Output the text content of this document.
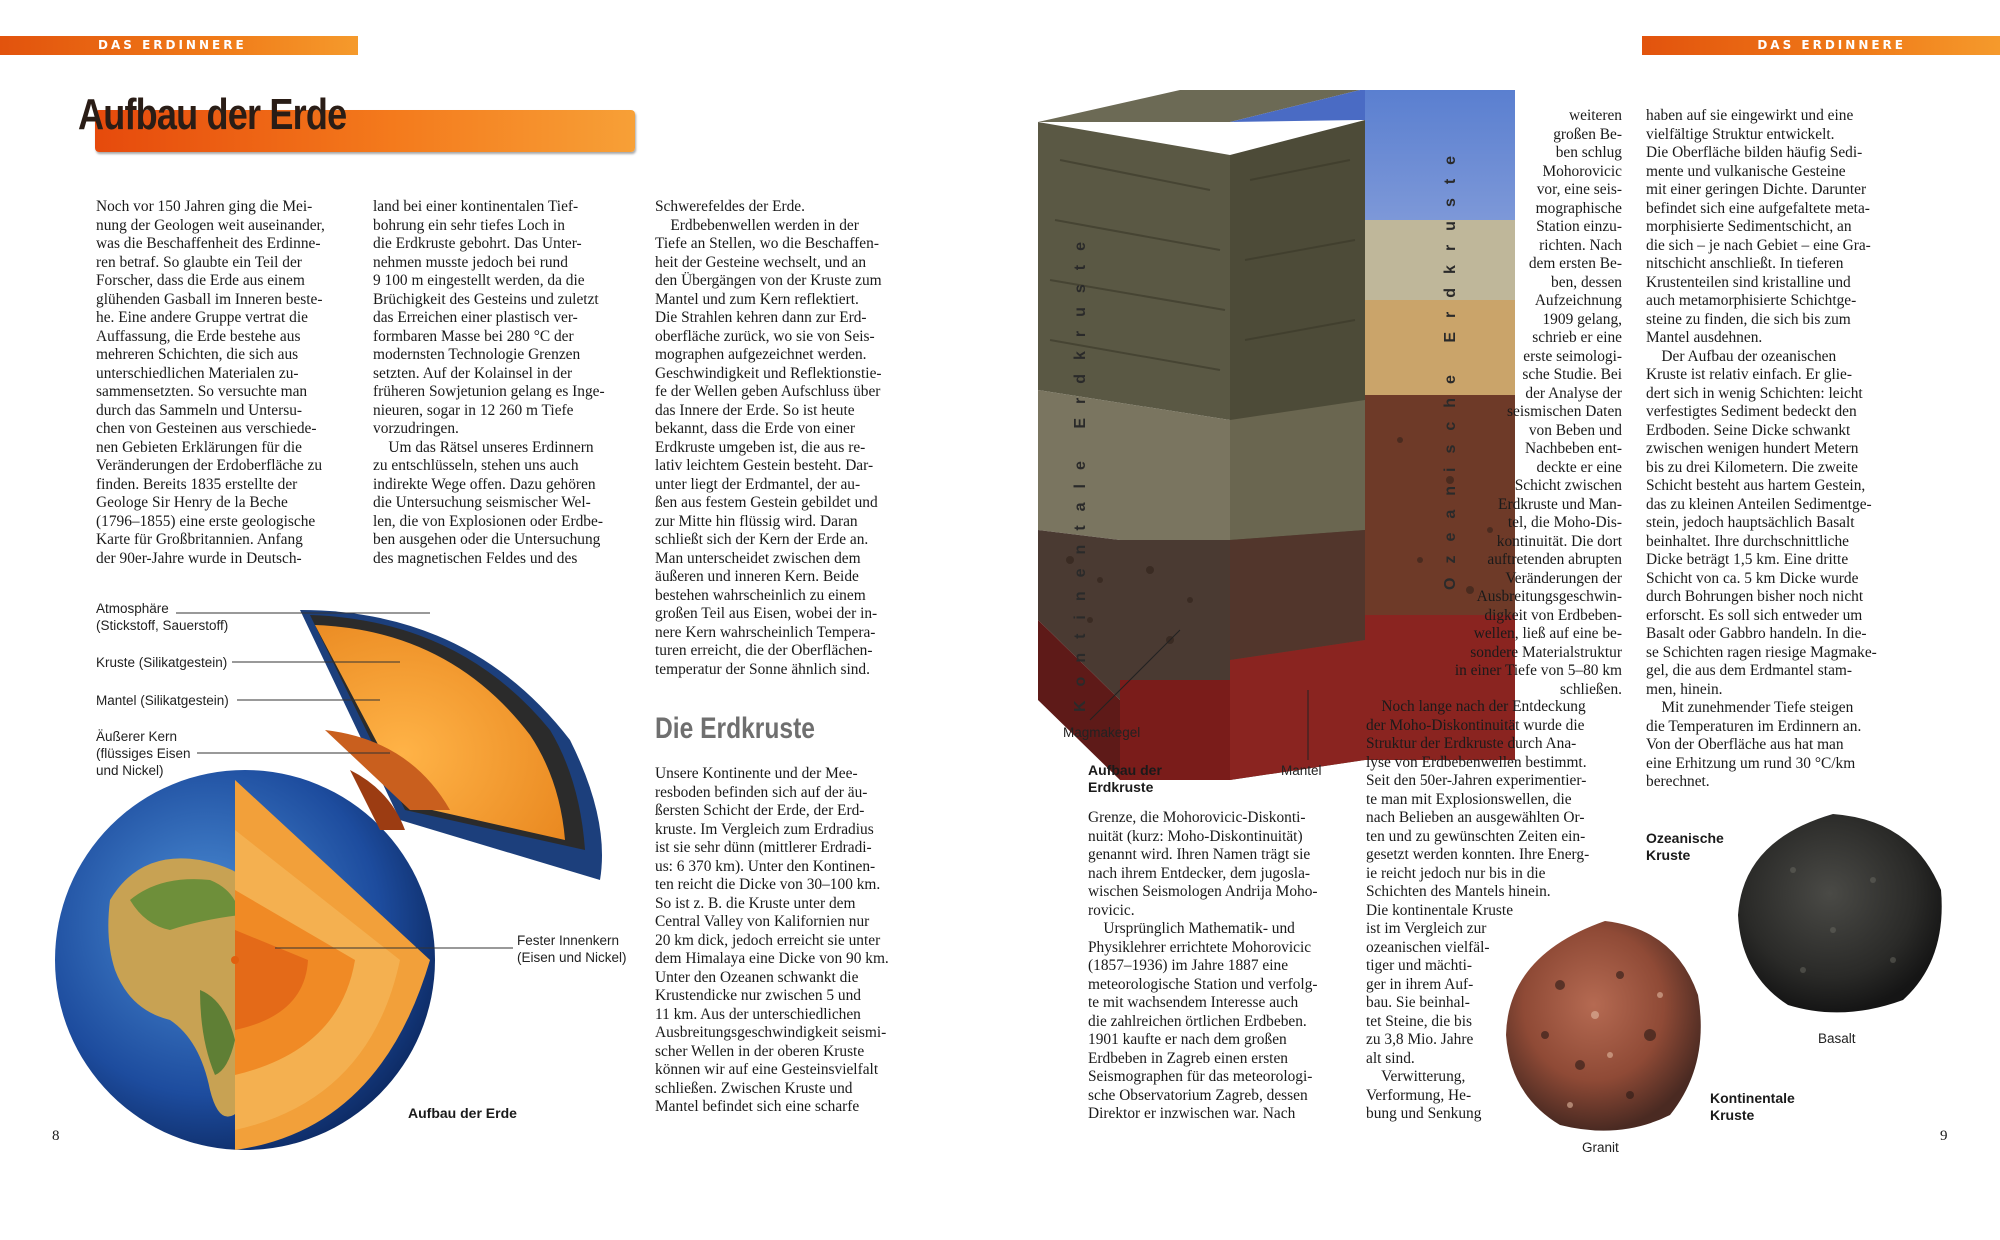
DAS ERDINNERE	DAS ERDINNERE
Aufbau der Erde
Noch vor 150 Jahren ging die Mei-
nung der Geologen weit auseinander,
was die Beschaffenheit des Erdinne-
ren betraf. So glaubte ein Teil der
Forscher, dass die Erde aus einem
glühenden Gasball im Inneren beste-
he. Eine andere Gruppe vertrat die
Auffassung, die Erde bestehe aus
mehreren Schichten, die sich aus
unterschiedlichen Materialen zu-
sammensetzten. So versuchte man
durch das Sammeln und Untersu-
chen von Gesteinen aus verschiede-
nen Gebieten Erklärungen für die
Veränderungen der Erdoberfläche zu
finden. Bereits 1835 erstellte der
Geologe Sir Henry de la Beche
(1796–1855) eine erste geologische
Karte für Großbritannien. Anfang
der 90er-Jahre wurde in Deutsch-
land bei einer kontinentalen Tief-
bohrung ein sehr tiefes Loch in
die Erdkruste gebohrt. Das Unter-
nehmen musste jedoch bei rund
9 100 m eingestellt werden, da die
Brüchigkeit des Gesteins und zuletzt
das Erreichen einer plastisch ver-
formbaren Masse bei 280 °C der
modernsten Technologie Grenzen
setzten. Auf der Kolainsel in der
früheren Sowjetunion gelang es Inge-
nieuren, sogar in 12 260 m Tiefe
vorzudringen.
Um das Rätsel unseres Erdinnern
zu entschlüsseln, stehen uns auch
indirekte Wege offen. Dazu gehören
die Untersuchung seismischer Wel-
len, die von Explosionen oder Erdbe-
ben ausgehen oder die Untersuchung
des magnetischen Feldes und des
Schwerefeldes der Erde.
Erdbebenwellen werden in der
Tiefe an Stellen, wo die Beschaffen-
heit der Gesteine wechselt, und an
den Übergängen von der Kruste zum
Mantel und zum Kern reflektiert.
Die Strahlen kehren dann zur Erd-
oberfläche zurück, wo sie von Seis-
mographen aufgezeichnet werden.
Geschwindigkeit und Reflektionstie-
fe der Wellen geben Aufschluss über
das Innere der Erde. So ist heute
bekannt, dass die Erde von einer
Erdkruste umgeben ist, die aus re-
lativ leichtem Gestein besteht. Dar-
unter liegt der Erdmantel, der au-
ßen aus festem Gestein gebildet und
zur Mitte hin flüssig wird. Daran
schließt sich der Kern der Erde an.
Man unterscheidet zwischen dem
äußeren und inneren Kern. Beide
bestehen wahrscheinlich zu einem
großen Teil aus Eisen, wobei der in-
nere Kern wahrscheinlich Tempera-
turen erreicht, die der Oberflächen-
temperatur der Sonne ähnlich sind.
Die Erdkruste
Unsere Kontinente und der Mee-
resboden befinden sich auf der äu-
ßersten Schicht der Erde, der Erd-
kruste. Im Vergleich zum Erdradius
ist sie sehr dünn (mittlerer Erdradi-
us: 6 370 km). Unter den Kontinen-
ten reicht die Dicke von 30–100 km.
So ist z. B. die Kruste unter dem
Central Valley von Kalifornien nur
20 km dick, jedoch erreicht sie unter
dem Himalaya eine Dicke von 90 km.
Unter den Ozeanen schwankt die
Krustendicke nur zwischen 5 und
11 km. Aus der unterschiedlichen
Ausbreitungsgeschwindigkeit seismi-
scher Wellen in der oberen Kruste
können wir auf eine Gesteinsvielfalt
schließen. Zwischen Kruste und
Mantel befindet sich eine scharfe
Atmosphäre
(Stickstoff, Sauerstoff)
Kruste (Silikatgestein)
Mantel (Silikatgestein)
Äußerer Kern
(flüssiges Eisen
und Nickel)
Fester Innenkern
(Eisen und Nickel)
Aufbau der Erde
8
Kontinentale Erdkruste	Ozeanische Erdkruste
Magmakegel
Mantel
Aufbau der
Erdkruste
Grenze, die Mohorovicic-Diskonti-
nuität (kurz: Moho-Diskontinuität)
genannt wird. Ihren Namen trägt sie
nach ihrem Entdecker, dem jugosla-
wischen Seismologen Andrija Moho-
rovicic.
Ursprünglich Mathematik- und
Physiklehrer errichtete Mohorovicic
(1857–1936) im Jahre 1887 eine
meteorologische Station und verfolg-
te mit wachsendem Interesse auch
die zahlreichen örtlichen Erdbeben.
1901 kaufte er nach dem großen
Erdbeben in Zagreb einen ersten
Seismographen für das meteorologi-
sche Observatorium Zagreb, dessen
Direktor er inzwischen war. Nach
weiteren
großen Be-
ben schlug
Mohorovicic
vor, eine seis-
mographische
Station einzu-
richten. Nach
dem ersten Be-
ben, dessen
Aufzeichnung
1909 gelang,
schrieb er eine
erste seimologi-
sche Studie. Bei
der Analyse der
seismischen Daten
von Beben und
Nachbeben ent-
deckte er eine
Schicht zwischen
Erdkruste und Man-
tel, die Moho-Dis-
kontinuität. Die dort
auftretenden abrupten
Veränderungen der
Ausbreitungsgeschwin-
digkeit von Erdbeben-
wellen, ließ auf eine be-
sondere Materialstruktur
in einer Tiefe von 5–80 km
schließen.
Noch lange nach der Entdeckung
der Moho-Diskontinuität wurde die
Struktur der Erdkruste durch Ana-
lyse von Erdbebenwellen bestimmt.
Seit den 50er-Jahren experimentier-
te man mit Explosionswellen, die
nach Belieben an ausgewählten Or-
ten und zu gewünschten Zeiten ein-
gesetzt werden konnten. Ihre Energ-
ie reicht jedoch nur bis in die
Schichten des Mantels hinein.
Die kontinentale Kruste
ist im Vergleich zur
ozeanischen vielfäl-
tiger und mächti-
ger in ihrem Auf-
bau. Sie beinhal-
tet Steine, die bis
zu 3,8 Mio. Jahre
alt sind.
Verwitterung,
Verformung, He-
bung und Senkung
haben auf sie eingewirkt und eine
vielfältige Struktur entwickelt.
Die Oberfläche bilden häufig Sedi-
mente und vulkanische Gesteine
mit einer geringen Dichte. Darunter
befindet sich eine aufgefaltete meta-
morphisierte Sedimentschicht, an
die sich – je nach Gebiet – eine Gra-
nitschicht anschließt. In tieferen
Krustenteilen sind kristalline und
auch metamorphisierte Schichtge-
steine zu finden, die sich bis zum
Mantel ausdehnen.
Der Aufbau der ozeanischen
Kruste ist relativ einfach. Er glie-
dert sich in wenig Schichten: leicht
verfestigtes Sediment bedeckt den
Erdboden. Seine Dicke schwankt
zwischen wenigen hundert Metern
bis zu drei Kilometern. Die zweite
Schicht besteht aus hartem Gestein,
das zu kleinen Anteilen Sedimentge-
stein, jedoch hauptsächlich Basalt
beinhaltet. Ihre durchschnittliche
Dicke beträgt 1,5 km. Eine dritte
Schicht von ca. 5 km Dicke wurde
durch Bohrungen bisher noch nicht
erforscht. Es soll sich entweder um
Basalt oder Gabbro handeln. In die-
se Schichten ragen riesige Magmake-
gel, die aus dem Erdmantel stam-
men, hinein.
Mit zunehmender Tiefe steigen
die Temperaturen im Erdinnern an.
Von der Oberfläche aus hat man
eine Erhitzung um rund 30 °C/km
berechnet.
Ozeanische
Kruste
Kontinentale
Kruste
Basalt
Granit
9
